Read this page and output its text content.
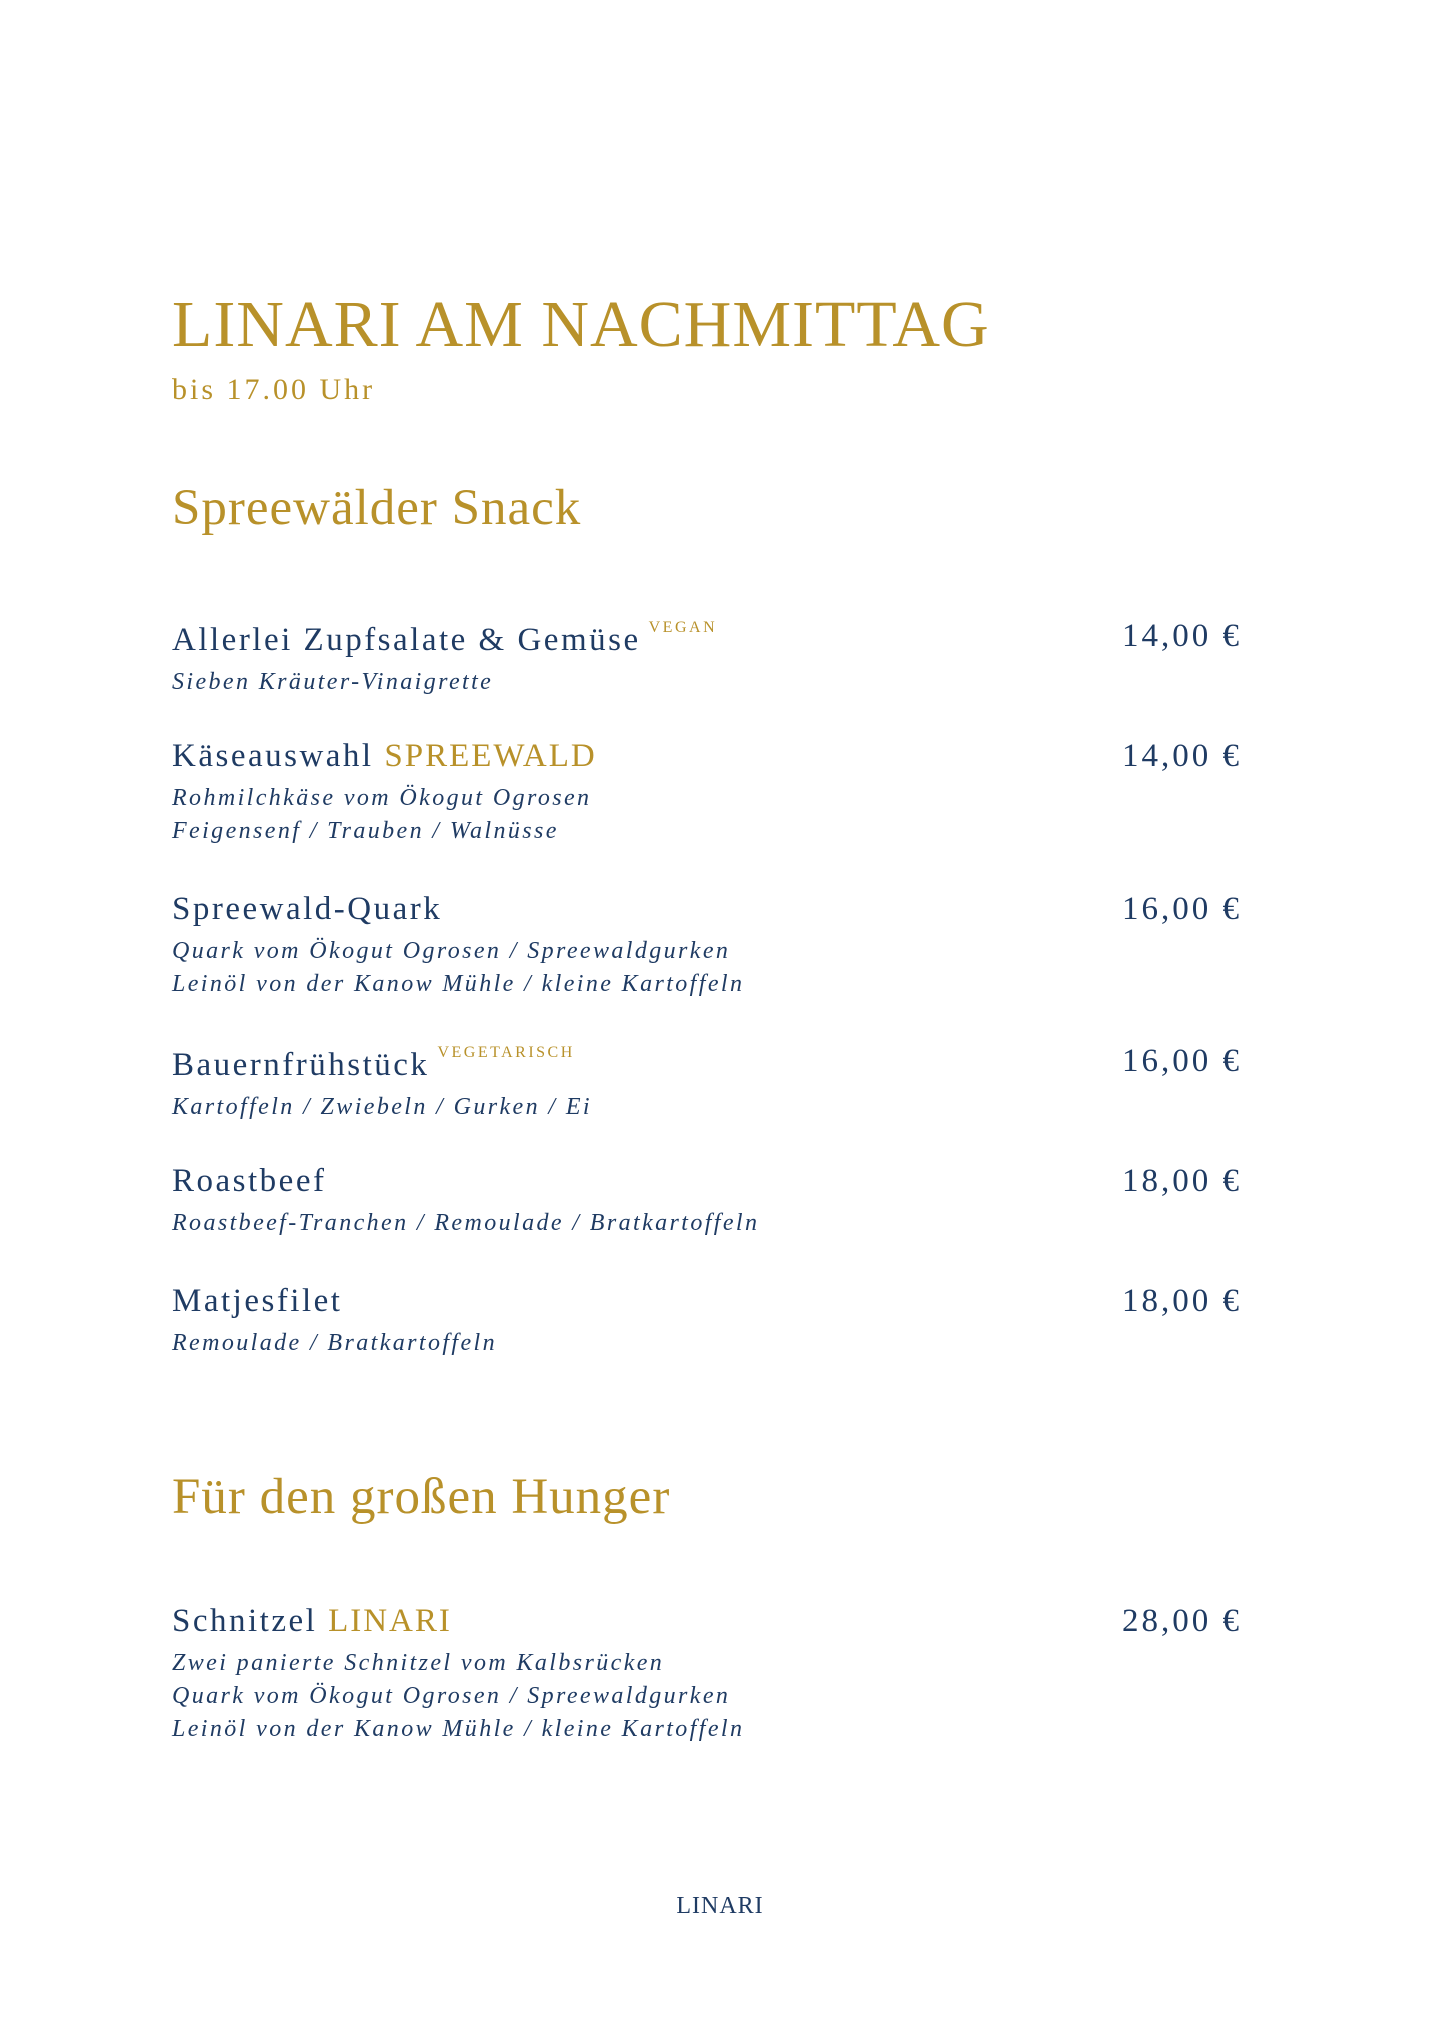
LINARI AM NACHMITTAG
bis 17.00 Uhr
Spreewälder Snack
Allerlei Zupfsalate & Gemüse $^{VEGAN}$	14,00 €
Sieben Kräuter-Vinaigrette
Käseauswahl SPREEWALD	14,00 €
Rohmilchkäse vom Ökogut Ogrosen
Feigensenf / Trauben / Walnüsse
Spreewald-Quark	16,00 €
Quark vom Ökogut Ogrosen / Spreewaldgurken
Leinöl von der Kanow Mühle / kleine Kartoffeln
Bauernfrühstück $^{VEGETARISCH}$	16,00 €
Kartoffeln / Zwiebeln / Gurken / Ei
Roastbeef	18,00 €
Roastbeef-Tranchen / Remoulade / Bratkartoffeln
Matjesfilet	18,00 €
Remoulade / Bratkartoffeln
Für den großen Hunger
Schnitzel LINARI	28,00 €
Zwei panierte Schnitzel vom Kalbsrücken
Quark vom Ökogut Ogrosen / Spreewaldgurken
Leinöl von der Kanow Mühle / kleine Kartoffeln
LINARI
